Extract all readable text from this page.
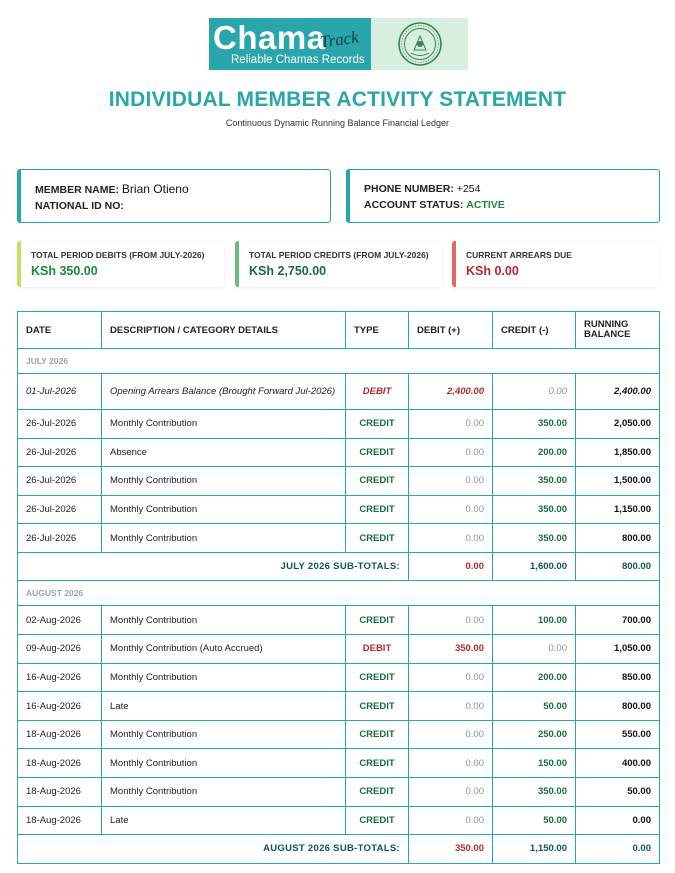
Chama
Track
Reliable Chamas Records
INDIVIDUAL MEMBER ACTIVITY STATEMENT
Continuous Dynamic Running Balance Financial Ledger
MEMBER NAME: Brian Otieno
NATIONAL ID NO:
PHONE NUMBER: +254
ACCOUNT STATUS: ACTIVE
TOTAL PERIOD DEBITS (FROM JULY-2026)
KSh 350.00
TOTAL PERIOD CREDITS (FROM JULY-2026)
KSh 2,750.00
CURRENT ARREARS DUE
KSh 0.00
DATE	DESCRIPTION / CATEGORY DETAILS	TYPE	DEBIT (+)	CREDIT (-)	RUNNING
BALANCE
JULY 2026					
01-Jul-2026	Opening Arrears Balance (Brought Forward Jul-2026)	DEBIT	2,400.00	0.00	2,400.00
26-Jul-2026	Monthly Contribution	CREDIT	0.00	350.00	2,050.00
26-Jul-2026	Absence	CREDIT	0.00	200.00	1,850.00
26-Jul-2026	Monthly Contribution	CREDIT	0.00	350.00	1,500.00
26-Jul-2026	Monthly Contribution	CREDIT	0.00	350.00	1,150.00
26-Jul-2026	Monthly Contribution	CREDIT	0.00	350.00	800.00
JULY 2026 SUB-TOTALS:			0.00	1,600.00	800.00
AUGUST 2026					
02-Aug-2026	Monthly Contribution	CREDIT	0.00	100.00	700.00
09-Aug-2026	Monthly Contribution (Auto Accrued)	DEBIT	350.00	0.00	1,050.00
16-Aug-2026	Monthly Contribution	CREDIT	0.00	200.00	850.00
16-Aug-2026	Late	CREDIT	0.00	50.00	800.00
18-Aug-2026	Monthly Contribution	CREDIT	0.00	250.00	550.00
18-Aug-2026	Monthly Contribution	CREDIT	0.00	150.00	400.00
18-Aug-2026	Monthly Contribution	CREDIT	0.00	350.00	50.00
18-Aug-2026	Late	CREDIT	0.00	50.00	0.00
AUGUST 2026 SUB-TOTALS:			350.00	1,150.00	0.00
